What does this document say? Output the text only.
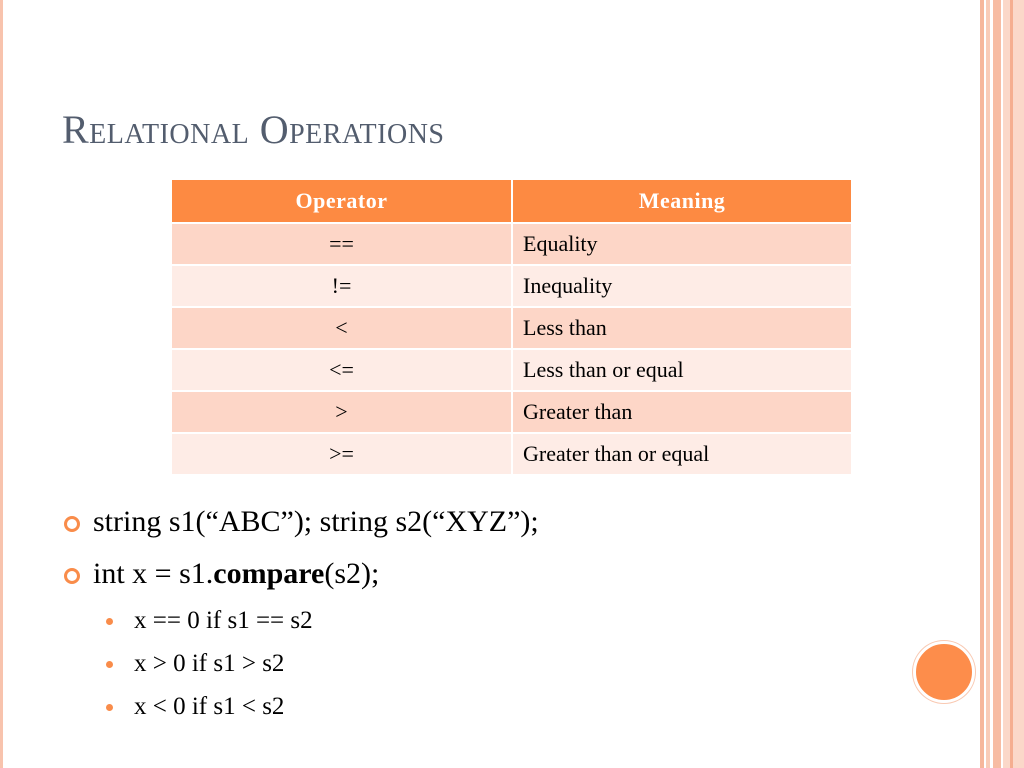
Relational Operations
Operator	Meaning
==	Equality
!=	Inequality
<	Less than
<=	Less than or equal
>	Greater than
>=	Greater than or equal
string s1(“ABC”); string s2(“XYZ”);
int x = s1.compare(s2);
x == 0 if s1 == s2
x > 0 if s1 > s2
x < 0 if s1 < s2
